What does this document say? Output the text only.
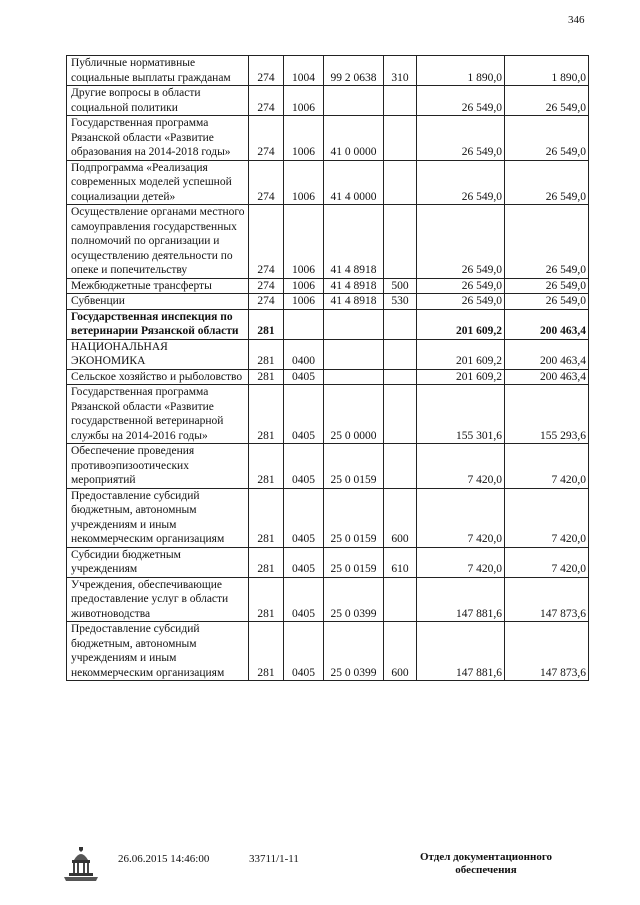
346
Публичные нормативные социальные выплаты гражданам	274	1004	99 2 0638	310	1 890,0	1 890,0
Другие вопросы в области социальной политики	274	1006			26 549,0	26 549,0
Государственная программа Рязанской области «Развитие образования на 2014-2018 годы»	274	1006	41 0 0000		26 549,0	26 549,0
Подпрограмма «Реализация современных моделей успешной социализации детей»	274	1006	41 4 0000		26 549,0	26 549,0
Осуществление органами местного самоуправления государственных полномочий по организации и осуществлению деятельности по опеке и попечительству	274	1006	41 4 8918		26 549,0	26 549,0
Межбюджетные трансферты	274	1006	41 4 8918	500	26 549,0	26 549,0
Субвенции	274	1006	41 4 8918	530	26 549,0	26 549,0
Государственная инспекция по ветеринарии Рязанской области	281				201 609,2	200 463,4
НАЦИОНАЛЬНАЯ ЭКОНОМИКА	281	0400			201 609,2	200 463,4
Сельское хозяйство и рыболовство	281	0405			201 609,2	200 463,4
Государственная программа Рязанской области «Развитие государственной ветеринарной службы на 2014-2016 годы»	281	0405	25 0 0000		155 301,6	155 293,6
Обеспечение проведения противоэпизоотических мероприятий	281	0405	25 0 0159		7 420,0	7 420,0
Предоставление субсидий бюджетным, автономным учреждениям и иным некоммерческим организациям	281	0405	25 0 0159	600	7 420,0	7 420,0
Субсидии бюджетным учреждениям	281	0405	25 0 0159	610	7 420,0	7 420,0
Учреждения, обеспечивающие предоставление услуг в области животноводства	281	0405	25 0 0399		147 881,6	147 873,6
Предоставление субсидий бюджетным, автономным учреждениям и иным некоммерческим организациям	281	0405	25 0 0399	600	147 881,6	147 873,6
26.06.2015 14:46:00	33711/1-11	Отдел документационного
обеспечения
